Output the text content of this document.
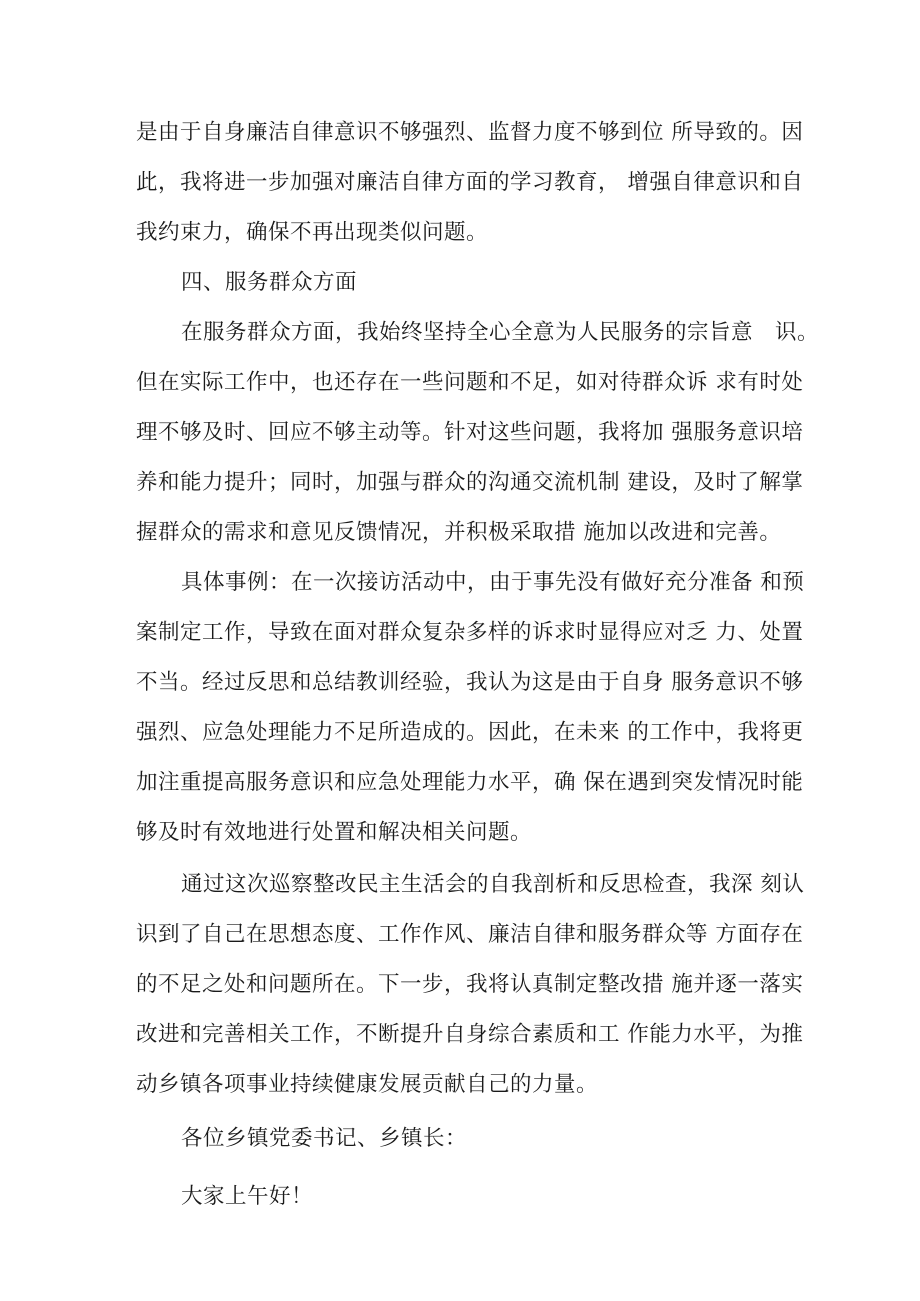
是由于自身廉洁自律意识不够强烈、监督力度不够到位 所导致的。因
此，我将进一步加强对廉洁自律方面的学习教育， 增强自律意识和自
我约束力，确保不再出现类似问题。
四、服务群众方面
在服务群众方面，我始终坚持全心全意为人民服务的宗旨意　识。
但在实际工作中，也还存在一些问题和不足，如对待群众诉 求有时处
理不够及时、回应不够主动等。针对这些问题，我将加 强服务意识培
养和能力提升；同时，加强与群众的沟通交流机制 建设，及时了解掌
握群众的需求和意见反馈情况，并积极采取措 施加以改进和完善。
具体事例：在一次接访活动中，由于事先没有做好充分准备 和预
案制定工作，导致在面对群众复杂多样的诉求时显得应对乏 力、处置
不当。经过反思和总结教训经验，我认为这是由于自身 服务意识不够
强烈、应急处理能力不足所造成的。因此，在未来 的工作中，我将更
加注重提高服务意识和应急处理能力水平，确 保在遇到突发情况时能
够及时有效地进行处置和解决相关问题。
通过这次巡察整改民主生活会的自我剖析和反思检查，我深 刻认
识到了自己在思想态度、工作作风、廉洁自律和服务群众等 方面存在
的不足之处和问题所在。下一步，我将认真制定整改措 施并逐一落实
改进和完善相关工作，不断提升自身综合素质和工 作能力水平，为推
动乡镇各项事业持续健康发展贡献自己的力量。
各位乡镇党委书记、乡镇长：
大家上午好！
